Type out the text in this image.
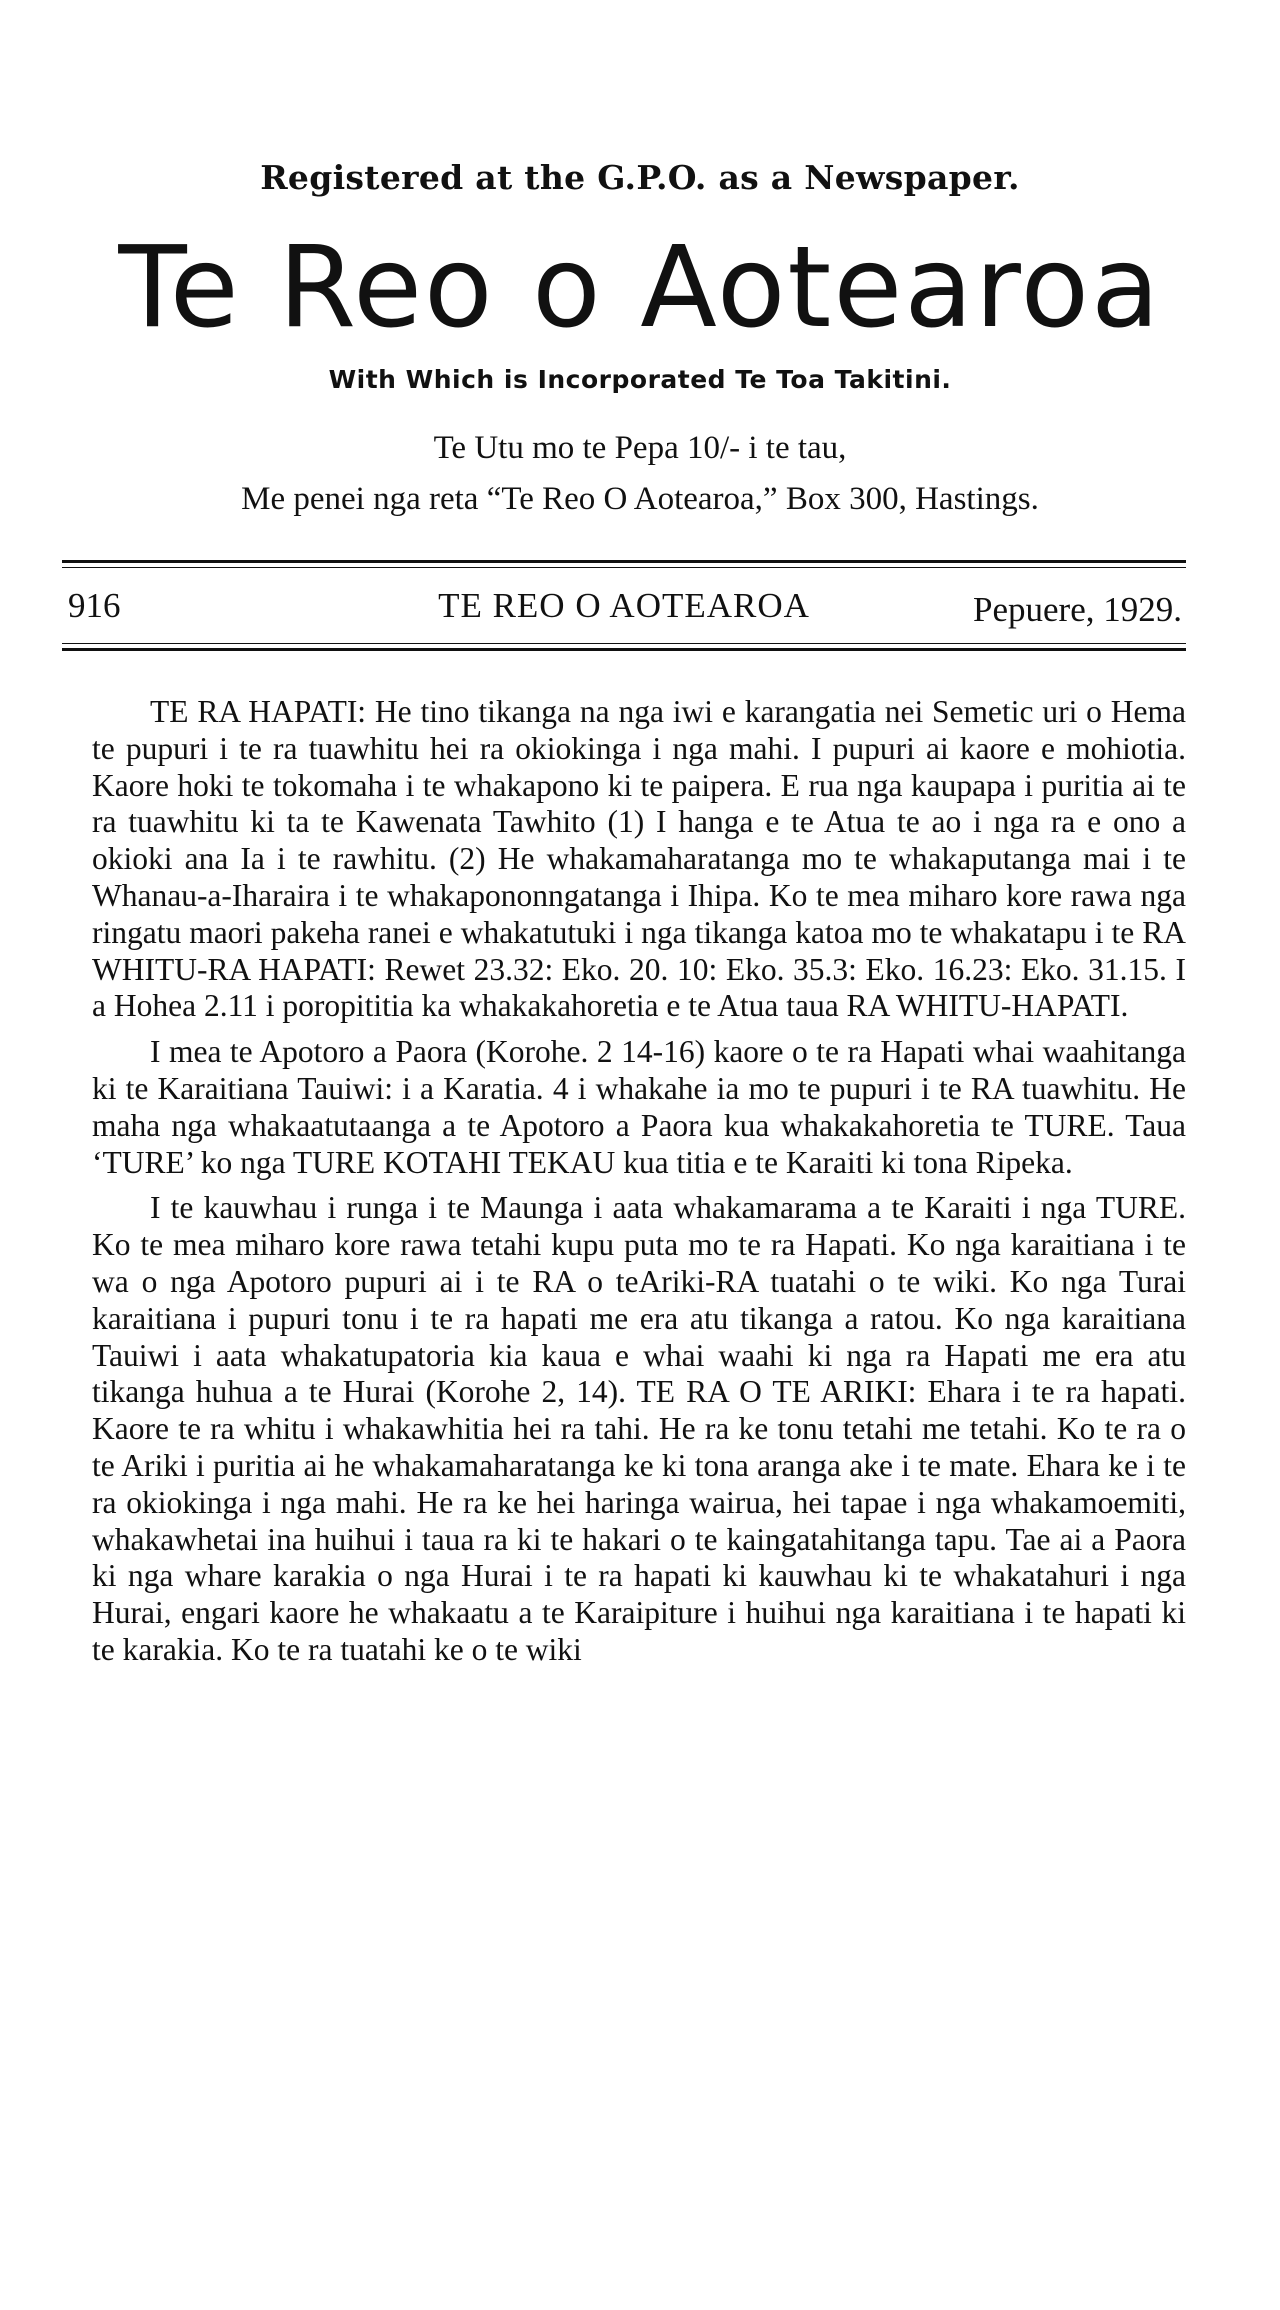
Registered at the G.P.O. as a Newspaper.
Te Reo o Aotearoa
With Which is Incorporated Te Toa Takitini.
Te Utu mo te Pepa 10/- i te tau,
Me penei nga reta “Te Reo O Aotearoa,” Box 300, Hastings.
916	TE REO O AOTEAROA	Pepuere, 1929.

TE RA HAPATI: He tino tikanga na nga iwi e karangatia nei Semetic uri o Hema te pupuri i te ra tuawhitu hei ra okiokinga i nga mahi. I pupuri ai kaore e mohiotia. Kaore hoki te tokomaha i te whakapono ki te paipera. E rua nga kaupapa i puritia ai te ra tuawhitu ki ta te Kawenata Tawhito (1) I hanga e te Atua te ao i nga ra e ono a okioki ana Ia i te rawhitu. (2) He whakamaharatanga mo te whakaputanga mai i te Whanau-a-Iharaira i te whakapononngatanga i Ihipa. Ko te mea miharo kore rawa nga ringatu maori pakeha ranei e whakatutuki i nga tikanga katoa mo te whakatapu i te RA WHITU-RA HAPATI: Rewet 23.32: Eko. 20. 10: Eko. 35.3: Eko. 16.23: Eko. 31.15. I a Hohea 2.11 i poropititia ka whakakahoretia e te Atua taua RA WHITU-HAPATI.

I mea te Apotoro a Paora (Korohe. 2 14-16) kaore o te ra Hapati whai waahitanga ki te Karaitiana Tauiwi: i a Karatia. 4 i whakahe ia mo te pupuri i te RA tuawhitu. He maha nga whakaatutaanga a te Apotoro a Paora kua whakakahoretia te TURE. Taua ‘TURE’ ko nga TURE KOTAHI TEKAU kua titia e te Karaiti ki tona Ripeka.

I te kauwhau i runga i te Maunga i aata whakamarama a te Karaiti i nga TURE. Ko te mea miharo kore rawa tetahi kupu puta mo te ra Hapati. Ko nga karaitiana i te wa o nga Apotoro pupuri ai i te RA o teAriki-RA tuatahi o te wiki. Ko nga Turai karaitiana i pupuri tonu i te ra hapati me era atu tikanga a ratou. Ko nga karaitiana Tauiwi i aata whakatupatoria kia kaua e whai waahi ki nga ra Hapati me era atu tikanga huhua a te Hurai (Korohe 2, 14). TE RA O TE ARIKI: Ehara i te ra hapati. Kaore te ra whitu i whakawhitia hei ra tahi. He ra ke tonu tetahi me tetahi. Ko te ra o te Ariki i puritia ai he whakamaharatanga ke ki tona aranga ake i te mate. Ehara ke i te ra okiokinga i nga mahi. He ra ke hei haringa wairua, hei tapae i nga whakamoemiti, whakawhetai ina huihui i taua ra ki te hakari o te kaingatahitanga tapu. Tae ai a Paora ki nga whare karakia o nga Hurai i te ra hapati ki kauwhau ki te whakatahuri i nga Hurai, engari kaore he whakaatu a te Karaipiture i huihui nga karaitiana i te hapati ki te karakia. Ko te ra tuatahi ke o te wiki
